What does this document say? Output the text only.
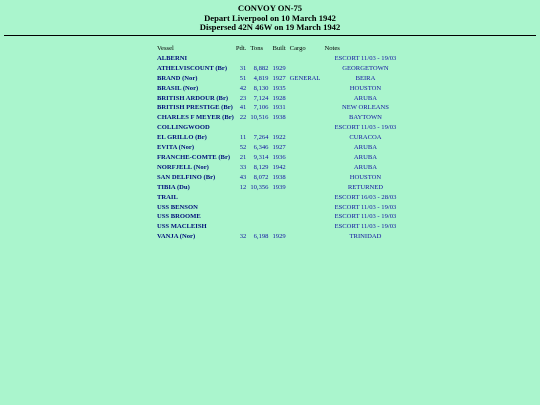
CONVOY ON-75
Depart Liverpool on 10 March 1942
Dispersed 42N 46W on 19 March 1942
Vessel	Pdt.	Tons	Built	Cargo	Notes
ALBERNI					ESCORT 11/03 - 19/03
ATHELVISCOUNT (Br)	31	8,882	1929		GEORGETOWN
BRAND (Nor)	51	4,819	1927	GENERAL	BEIRA
BRASIL (Nor)	42	8,130	1935		HOUSTON
BRITISH ARDOUR (Br)	23	7,124	1928		ARUBA
BRITISH PRESTIGE (Br)	41	7,106	1931		NEW ORLEANS
CHARLES F MEYER (Br)	22	10,516	1938		BAYTOWN
COLLINGWOOD					ESCORT 11/03 - 19/03
EL GRILLO (Br)	11	7,264	1922		CURACOA
EVITA (Nor)	52	6,346	1927		ARUBA
FRANCHE-COMTE (Br)	21	9,314	1936		ARUBA
NORFJELL (Nor)	33	8,129	1942		ARUBA
SAN DELFINO (Br)	43	8,072	1938		HOUSTON
TIBIA (Du)	12	10,356	1939		RETURNED
TRAIL					ESCORT 16/03 - 28/03
USS BENSON					ESCORT 11/03 - 19/03
USS BROOME					ESCORT 11/03 - 19/03
USS MACLEISH					ESCORT 11/03 - 19/03
VANJA (Nor)	32	6,198	1929		TRINIDAD
